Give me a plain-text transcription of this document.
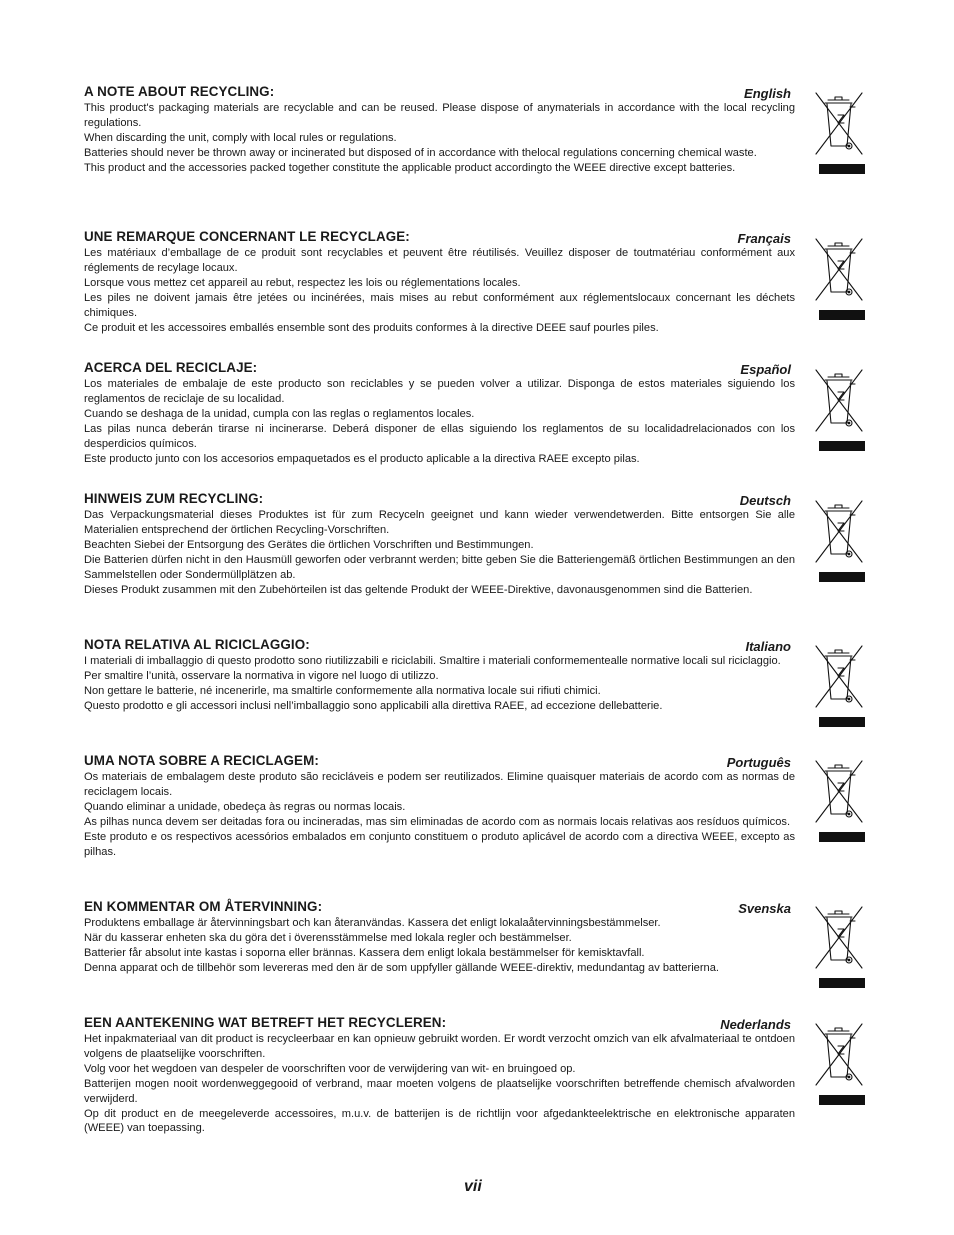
A NOTE ABOUT RECYCLING:	English

This product's packaging materials are recyclable and can be reused. Please dispose of anymaterials in accordance with the local recycling regulations.

When discarding the unit, comply with local rules or regulations.

Batteries should never be thrown away or incinerated but disposed of in accordance with thelocal regulations concerning chemical waste.

This product and the accessories packed together constitute the applicable product accordingto the WEEE directive except batteries.

UNE REMARQUE CONCERNANT LE RECYCLAGE:	Français

Les matériaux d’emballage de ce produit sont recyclables et peuvent être réutilisés. Veuillez disposer de toutmatériau conformément aux réglements de recylage locaux.

Lorsque vous mettez cet appareil au rebut, respectez les lois ou réglementations locales.

Les piles ne doivent jamais être jetées ou incinérées, mais mises au rebut conformément aux réglementslocaux concernant les déchets chimiques.

Ce produit et les accessoires emballés ensemble sont des produits conformes à la directive DEEE sauf pourles piles.

ACERCA DEL RECICLAJE:	Español

Los materiales de embalaje de este producto son reciclables y se pueden volver a utilizar. Disponga de estos materiales siguiendo los reglamentos de reciclaje de su localidad.

Cuando se deshaga de la unidad, cumpla con las reglas o reglamentos locales.

Las pilas nunca deberán tirarse ni incinerarse. Deberá disponer de ellas siguiendo los reglamentos de su localidadrelacionados con los desperdicios químicos.

Este producto junto con los accesorios empaquetados es el producto aplicable a la directiva RAEE excepto pilas.

HINWEIS ZUM RECYCLING:	Deutsch

Das Verpackungsmaterial dieses Produktes ist für zum Recyceln geeignet und kann wieder verwendetwerden. Bitte entsorgen Sie alle Materialien entsprechend der örtlichen Recycling-Vorschriften.

Beachten Siebei der Entsorgung des Gerätes die örtlichen Vorschriften und Bestimmungen.

Die Batterien dürfen nicht in den Hausmüll geworfen oder verbrannt werden; bitte geben Sie die Batteriengemäß örtlichen Bestimmungen an den Sammelstellen oder Sondermüllplätzen ab.

Dieses Produkt zusammen mit den Zubehörteilen ist das geltende Produkt der WEEE-Direktive, davonausgenommen sind die Batterien.

NOTA RELATIVA AL RICICLAGGIO:	Italiano

I materiali di imballaggio di questo prodotto sono riutilizzabili e riciclabili. Smaltire i materiali conformementealle normative locali sul riciclaggio.

Per smaltire l’unità, osservare la normativa in vigore nel luogo di utilizzo.

Non gettare le batterie, né incenerirle, ma smaltirle conformemente alla normativa locale sui rifiuti chimici.

Questo prodotto e gli accessori inclusi nell’imballaggio sono applicabili alla direttiva RAEE, ad eccezione dellebatterie.

UMA NOTA SOBRE A RECICLAGEM:	Português

Os materiais de embalagem deste produto são recicláveis e podem ser reutilizados. Elimine quaisquer materiais de acordo com as normas de reciclagem locais.

Quando eliminar a unidade, obedeça às regras ou normas locais.

As pilhas nunca devem ser deitadas fora ou incineradas, mas sim eliminadas de acordo com as normais locais relativas aos resíduos químicos.

Este produto e os respectivos acessórios embalados em conjunto constituem o produto aplicável de acordo com a directiva WEEE, excepto as pilhas.

EN KOMMENTAR OM ÅTERVINNING:	Svenska

Produktens emballage är återvinningsbart och kan återanvändas. Kassera det enligt lokalaåtervinningsbestämmelser.

När du kasserar enheten ska du göra det i överensstämmelse med lokala regler och bestämmelser.

Batterier får absolut inte kastas i soporna eller brännas. Kassera dem enligt lokala bestämmelser för kemisktavfall.

Denna apparat och de tillbehör som levereras med den är de som uppfyller gällande WEEE-direktiv, medundantag av batterierna.

EEN AANTEKENING WAT BETREFT HET RECYCLEREN:	Nederlands

Het inpakmateriaal van dit product is recycleerbaar en kan opnieuw gebruikt worden. Er wordt verzocht omzich van elk afvalmateriaal te ontdoen volgens de plaatselijke voorschriften.

Volg voor het wegdoen van despeler de voorschriften voor de verwijdering van wit- en bruingoed op.

Batterijen mogen nooit wordenweggegooid of verbrand, maar moeten volgens de plaatselijke voorschriften betreffende chemisch afvalworden verwijderd.

Op dit product en de meegeleverde accessoires, m.u.v. de batterijen is de richtlijn voor afgedankteelektrische en elektronische apparaten (WEEE) van toepassing.

vii
